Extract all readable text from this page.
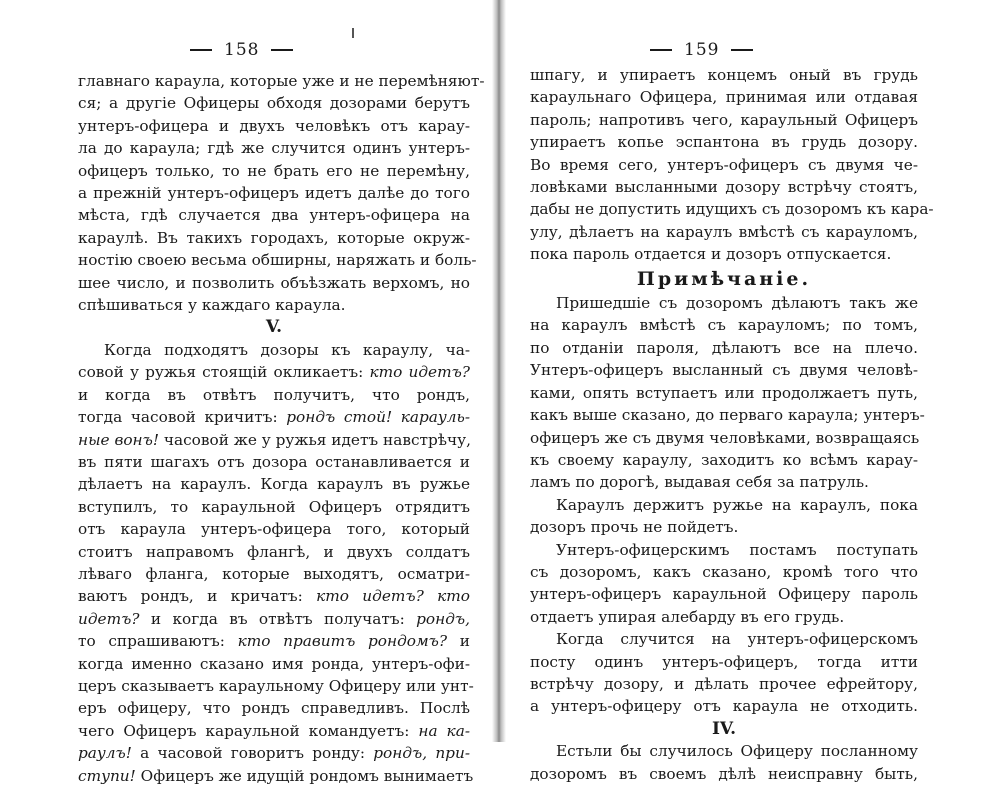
158
главнаго караула, которые уже и не перемѣняют-
ся; а другіе Офицеры обходя дозорами берутъ
унтеръ-офицера и двухъ человѣкъ отъ карау-
ла до караула; гдѣ же случится одинъ унтеръ-
офицеръ только, то не брать его не перемѣну,
а прежній унтеръ-офицеръ идетъ далѣе до того
мѣста, гдѣ случается два унтеръ-офицера на
караулѣ. Въ такихъ городахъ, которые окруж-
ностію своею весьма обширны, наряжать и боль-
шее число, и позволить объѣзжать верхомъ, но
спѣшиваться у каждаго караула.
V.
Когда подходятъ дозоры къ караулу, ча-
совой у ружья стоящій окликаетъ: кто идетъ?
и когда въ отвѣтъ получитъ, что рондъ,
тогда часовой кричитъ: рондъ стой! карауль-
ные вонъ! часовой же у ружья идетъ навстрѣчу,
въ пяти шагахъ отъ дозора останавливается и
дѣлаетъ на караулъ. Когда караулъ въ ружье
вступилъ, то караульной Офицеръ отрядитъ
отъ караула унтеръ-офицера того, который
стоитъ направомъ флангѣ, и двухъ солдатъ
лѣваго фланга, которые выходятъ, осматри-
ваютъ рондъ, и кричатъ: кто идетъ? кто
идетъ? и когда въ отвѣтъ получатъ: рондъ,
то спрашиваютъ: кто правитъ рондомъ? и
когда именно сказано имя ронда, унтеръ-офи-
церъ сказываетъ караульному Офицеру или унт-
еръ офицеру, что рондъ справедливъ. Послѣ
чего Офицеръ караульной командуетъ: на ка-
раулъ! а часовой говоритъ ронду: рондъ, при-
ступи! Офицеръ же идущій рондомъ вынимаетъ
159
шпагу, и упираетъ концемъ оный въ грудь
караульнаго Офицера, принимая или отдавая
пароль; напротивъ чего, караульный Офицеръ
упираетъ копье эспантона въ грудь дозору.
Во время сего, унтеръ-офицеръ съ двумя че-
ловѣками высланными дозору встрѣчу стоятъ,
дабы не допустить идущихъ съ дозоромъ къ кара-
улу, дѣлаетъ на караулъ вмѣстѣ съ карауломъ,
пока пароль отдается и дозоръ отпускается.
Примѣчаніе.
Пришедшіе съ дозоромъ дѣлаютъ такъ же
на караулъ вмѣстѣ съ карауломъ; по томъ,
по отданіи пароля, дѣлаютъ все на плечо.
Унтеръ-офицеръ высланный съ двумя человѣ-
ками, опять вступаетъ или продолжаетъ путь,
какъ выше сказано, до перваго караула; унтеръ-
офицеръ же съ двумя человѣками, возвращаясь
къ своему караулу, заходитъ ко всѣмъ карау-
ламъ по дорогѣ, выдавая себя за патруль.
Караулъ держитъ ружье на караулъ, пока
дозоръ прочь не пойдетъ.
Унтеръ-офицерскимъ постамъ поступать
съ дозоромъ, какъ сказано, кромѣ того что
унтеръ-офицеръ караульной Офицеру пароль
отдаетъ упирая алебарду въ его грудь.
Когда случится на унтеръ-офицерскомъ
посту одинъ унтеръ-офицеръ, тогда итти
встрѣчу дозору, и дѣлать прочее ефрейтору,
а унтеръ-офицеру отъ караула не отходить.
IV.
Естьли бы случилось Офицеру посланному
дозоромъ въ своемъ дѣлѣ неисправну быть,
